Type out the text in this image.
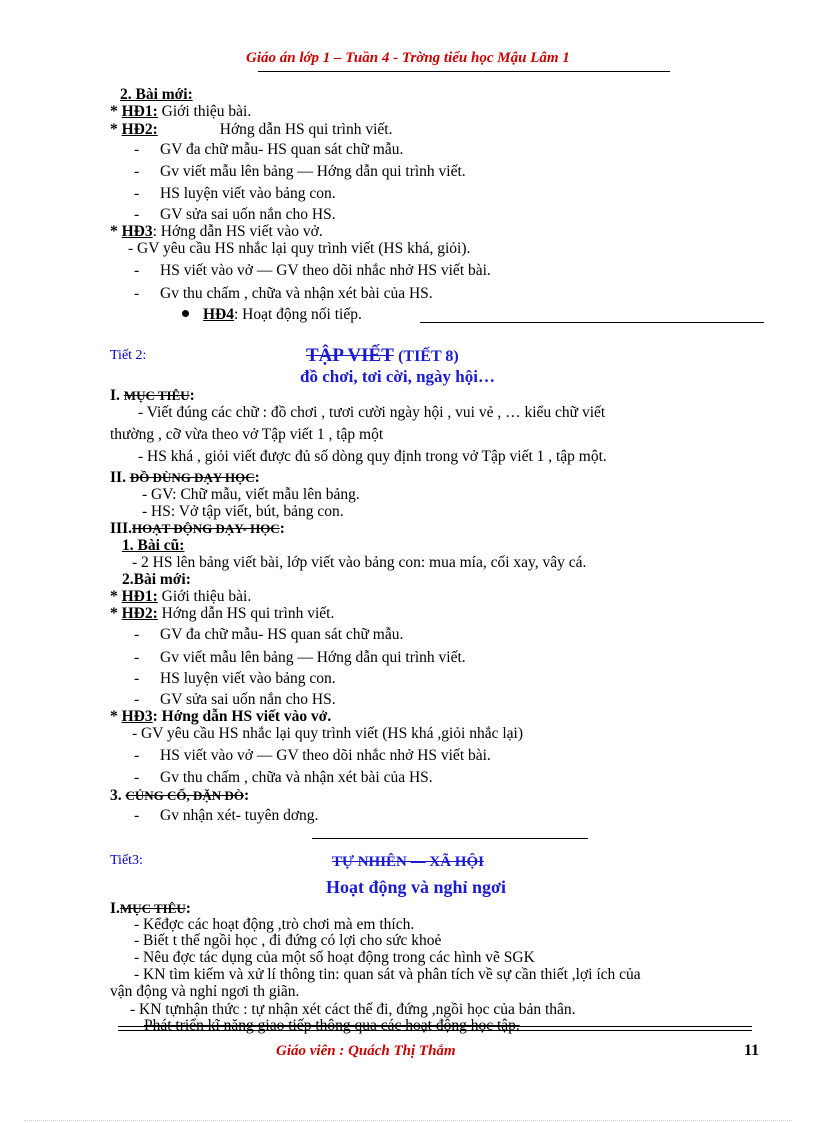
Giáo án lớp 1 – Tuần 4 - Trờng tiểu học Mậu Lâm 1
2. Bài mới:
* HĐ1: Giới thiệu bài.
* HĐ2:	Hớng dẫn HS qui trình viết.
- GV đa chữ mẫu- HS quan sát chữ mẫu.
- Gv viết mẫu lên bảng — Hớng dẫn qui trình viết.
- HS luyện viết vào bảng con.
- GV sửa sai uốn nắn cho HS.
* HĐ3: Hớng dẫn HS viết vào vở.
- GV yêu cầu HS nhắc lại quy trình viết (HS khá, giỏi).
- HS viết vào vở — GV theo dõi nhắc nhở HS viết bài.
- Gv thu chấm , chữa và nhận xét bài của HS.
HĐ4: Hoạt động nối tiếp.
Tiết 2:	TẬP VIẾT (TIẾT 8)
đồ chơi, tơi cời, ngày hội…
I. MỤC TIÊU:
- Viết đúng các chữ : đồ chơi , tươi cười ngày hội , vui vẻ , … kiểu chữ viết
thường , cỡ vừa theo vở Tập viết 1 , tập một
- HS khá , giỏi viết được đủ số dòng quy định trong vở Tập viết 1 , tập một.
II. ĐỒ DÙNG DẠY HỌC:
- GV: Chữ mẫu, viết mẫu lên bảng.
- HS: Vở tập viết, bút, bảng con.
III.HOẠT ĐỘNG DẠY- HỌC:
1. Bài cũ:
- 2 HS lên bảng viết bài, lớp viết vào bảng con: mua mía, cối xay, vây cá.
2.Bài mới:
* HĐ1: Giới thiệu bài.
* HĐ2: Hớng dẫn HS qui trình viết.
- GV đa chữ mẫu- HS quan sát chữ mẫu.
- Gv viết mẫu lên bảng — Hớng dẫn qui trình viết.
- HS luyện viết vào bảng con.
- GV sửa sai uốn nắn cho HS.
* HĐ3: Hớng dẫn HS viết vào vở.
- GV yêu cầu HS nhắc lại quy trình viết (HS khá ,giỏi nhắc lại)
- HS viết vào vở — GV theo dõi nhắc nhở HS viết bài.
- Gv thu chấm , chữa và nhận xét bài của HS.
3. CỦNG CỐ, DẶN DÒ:
- Gv nhận xét- tuyên dơng.
Tiết3:	TỰ NHIÊN — XÃ HỘI
Hoạt động và nghỉ ngơi
I.MỤC TIÊU:
- Kểđợc các hoạt động ,trò chơi mà em thích.
- Biết t thế ngồi học , đi đứng có lợi cho sức khoẻ
- Nêu đợc tác dụng của một số hoạt động trong các hình vẽ SGK
- KN tìm kiếm và xử lí thông tin: quan sát và phân tích về sự cần thiết ,lợi ích của
vận động và nghỉ ngơi th giãn.
- KN tựnhận thức : tự nhận xét cáct thế đi, đứng ,ngồi học của bản thân.
Phát triển kĩ năng giao tiếp thông qua các hoạt động học tập.
Giáo viên : Quách Thị Thắm	11
